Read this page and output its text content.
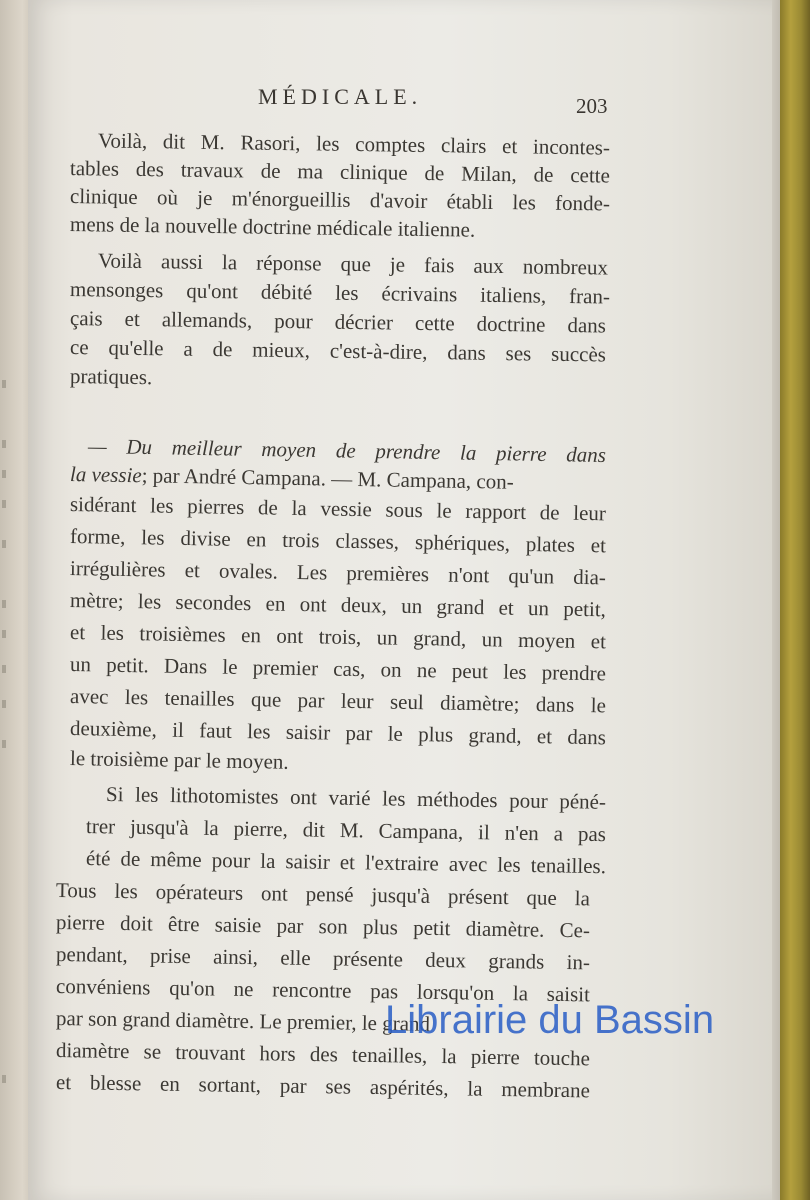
MÉDICALE.	203
Voilà, dit M. Rasori, les comptes clairs et incontes-
tables des travaux de ma clinique de Milan, de cette
clinique où je m'énorgueillis d'avoir établi les fonde-
mens de la nouvelle doctrine médicale italienne.
Voilà aussi la réponse que je fais aux nombreux
mensonges qu'ont débité les écrivains italiens, fran-
çais et allemands, pour décrier cette doctrine dans
ce qu'elle a de mieux, c'est-à-dire, dans ses succès
pratiques.
— Du meilleur moyen de prendre la pierre dans
la vessie; par André Campana. — M. Campana, con-
sidérant les pierres de la vessie sous le rapport de leur
forme, les divise en trois classes, sphériques, plates et
irrégulières et ovales. Les premières n'ont qu'un dia-
mètre; les secondes en ont deux, un grand et un petit,
et les troisièmes en ont trois, un grand, un moyen et
un petit. Dans le premier cas, on ne peut les prendre
avec les tenailles que par leur seul diamètre; dans le
deuxième, il faut les saisir par le plus grand, et dans
le troisième par le moyen.
Si les lithotomistes ont varié les méthodes pour péné-
trer jusqu'à la pierre, dit M. Campana, il n'en a pas
été de même pour la saisir et l'extraire avec les tenailles.
Tous les opérateurs ont pensé jusqu'à présent que la
pierre doit être saisie par son plus petit diamètre. Ce-
pendant, prise ainsi, elle présente deux grands in-
convéniens qu'on ne rencontre pas lorsqu'on la saisit
par son grand diamètre. Le premier, le grand
diamètre se trouvant hors des tenailles, la pierre touche
et blesse en sortant, par ses aspérités, la membrane
Librairie du Bassin
